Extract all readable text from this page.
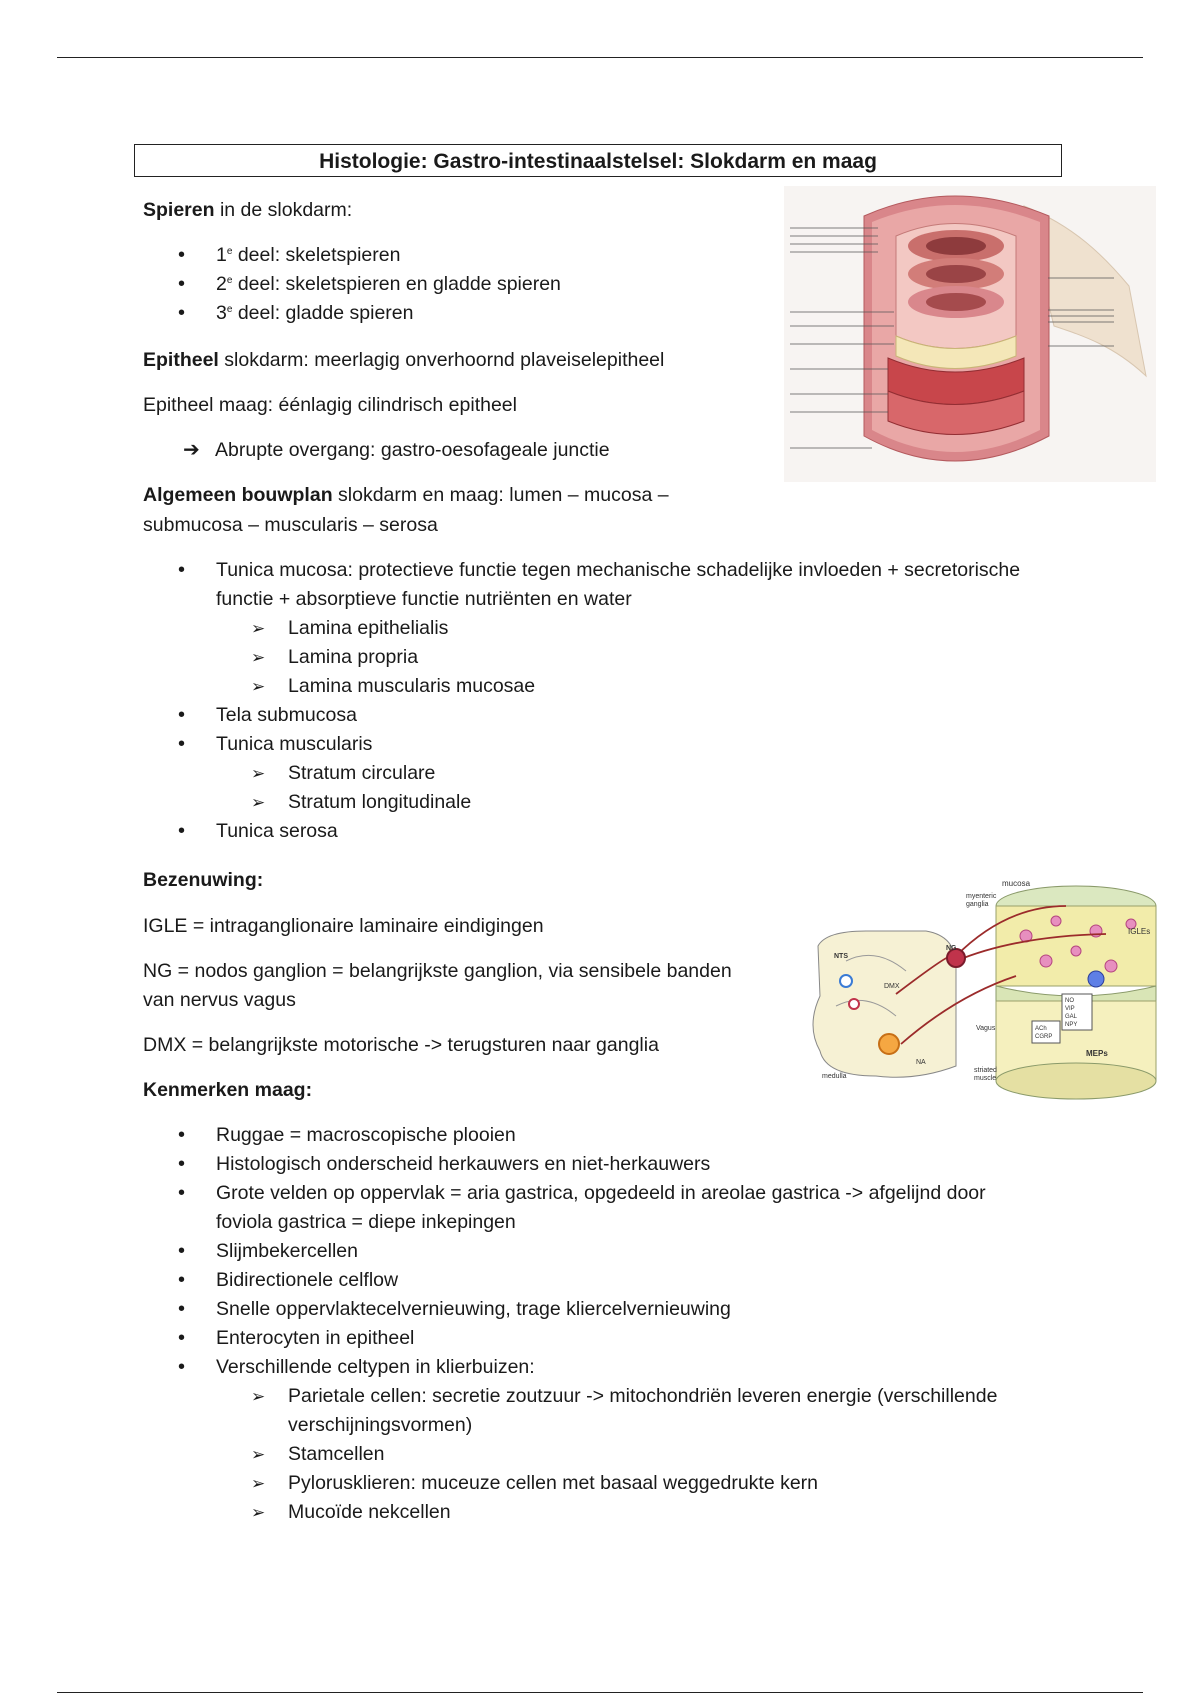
Histologie: Gastro-intestinaalstelsel: Slokdarm en maag

Spieren in de slokdarm:

• 1e deel: skeletspieren
• 2e deel: skeletspieren en gladde spieren
• 3e deel: gladde spieren

Epitheel slokdarm: meerlagig onverhoornd plaveiselepitheel

Epitheel maag: éénlagig cilindrisch epitheel

➔ Abrupte overgang: gastro-oesofageale junctie

Algemeen bouwplan slokdarm en maag: lumen – mucosa –

submucosa – muscularis – serosa

• Tunica mucosa: protectieve functie tegen mechanische schadelijke invloeden + secretorische
functie + absorptieve functie nutriënten en water
➢ Lamina epithelialis
➢ Lamina propria
➢ Lamina muscularis mucosae
• Tela submucosa
• Tunica muscularis
➢ Stratum circulare
➢ Stratum longitudinale
• Tunica serosa

Bezenuwing:

IGLE = intraganglionaire laminaire eindigingen

NG = nodos ganglion = belangrijkste ganglion, via sensibele banden

van nervus vagus

DMX = belangrijkste motorische -> terugsturen naar ganglia

Kenmerken maag:

• Ruggae = macroscopische plooien
• Histologisch onderscheid herkauwers en niet-herkauwers
• Grote velden op oppervlak = aria gastrica, opgedeeld in areolae gastrica -> afgelijnd door
foviola gastrica = diepe inkepingen
• Slijmbekercellen
• Bidirectionele celflow
• Snelle oppervlaktecelvernieuwing, trage kliercelvernieuwing
• Enterocyten in epitheel
• Verschillende celtypen in klierbuizen:
➢ Parietale cellen: secretie zoutzuur -> mitochondriën leveren energie (verschillende
verschijningsvormen)
➢ Stamcellen
➢ Pylorusklieren: muceuze cellen met basaal weggedrukte kern
➢ Mucoïde nekcellen
mucosa
myenteric
ganglia
IGLEs
NTS
NG
DMX
Vagus
NA
medulla
striated
muscle
ACh
CGRP
NO
VIP
GAL
NPY
MEPs
